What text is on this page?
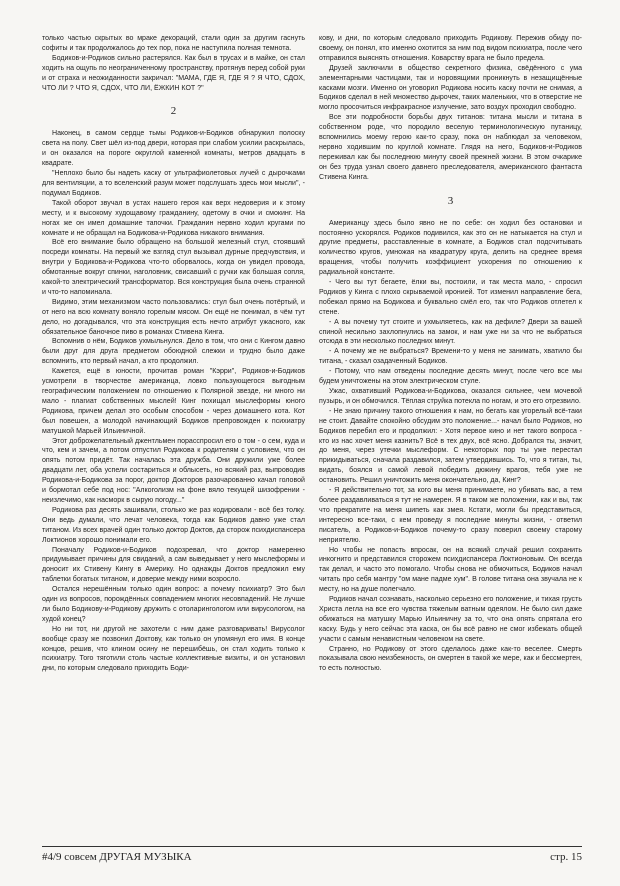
только частью скрытых во мраке декораций, стали один за другим гаснуть софиты и так продолжалось до тех пор, пока не наступила полная темнота.

Бодиков-и-Родиков сильно растерялся. Как был в трусах и в майке, он стал ходить на ощупь по неограниченному пространству, протянув перед собой руки и от страха и неожиданности закричал: "МАМА, ГДЕ Я, ГДЕ Я ? Я ЧТО, СДОХ, ЧТО ЛИ ? ЧТО Я, СДОХ, ЧТО ЛИ, ЁЖКИН КОТ ?"

2

Наконец, в самом сердце тьмы Родиков-и-Бодиков обнаружил полоску света на полу. Свет шёл из-под двери, которая при слабом усилии раскрылась, и он оказался на пороге округлой каменной комнаты, метров двадцать в квадрате.

"Неплохо было бы надеть каску от ультрафиолетовых лучей с дырочками для вентиляции, а то вселенский разум может подслушать здесь мои мысли", - подумал Бодиков.

Такой оборот звучал в устах нашего героя как верх недоверия и к этому месту, и к высокому худощавому гражданину, одетому в очки и смокинг. На ногах же он имел домашние тапочки. Гражданин нервно ходил кругами по комнате и не обращал на Бодикова-и-Родикова никакого внимания.

Всё его внимание было обращено на большой железный стул, стоявший посреди комнаты. На первый же взгляд стул вызывал дурные предчувствия, и внутри у Бодикова-и-Родикова что-то оборвалось, когда он увидел провода, обмотанные вокруг спинки, наголовник, свисавший с ручки как большая сопля, какой-то электрический трансформатор. Вся конструкция была очень странной и что-то напоминала.

Видимо, этим механизмом часто пользовались: стул был очень потёртый, и от него на всю комнату воняло горелым мясом. Он ещё не понимал, в чём тут дело, но догадывался, что эта конструкция есть нечто атрибут ужасного, как обязательное баночное пиво в романах Стивена Кинга.

Вспомнив о нём, Бодиков ухмыльнулся. Дело в том, что они с Кингом давно были друг для друга предметом обоюдной слежки и трудно было даже вспомнить, кто первый начал, а кто продолжил.

Кажется, ещё в юности, прочитав роман "Кэрри", Родиков-и-Бодиков усмотрели в творчестве американца, ловко пользующегося выгодным географическим положением по отношению к Полярной звезде, ни много ни мало - плагиат собственных мыслей! Кинг похищал мыслеформы юного Родикова, причем делал это особым способом - через домашнего кота. Кот был повешен, а молодой начинающий Бодиков препровожден к психиатру матушкой Марьей Ильиничной.

Этот доброжелательный джентльмен порасспросил его о том - о сем, куда и что, кем и зачем, а потом отпустил Родикова к родителям с условием, что он опять потом придёт. Так началась эта дружба. Они дружили уже более двадцати лет, оба успели состариться и облысеть, но всякий раз, выпроводив Родикова-и-Бодикова за порог, доктор Докторов разочарованно качал головой и бормотал себе под нос: "Алкоголизм на фоне вяло текущей шизофрении - неизлечимо, как насморк в сырую погоду..."

Родикова раз десять зашивали, столько же раз кодировали - всё без толку. Они ведь думали, что лечат человека, тогда как Бодиков давно уже стал титаном. Из всех врачей один только доктор Доктов, да сторож психдиспансера Локтионов хорошо понимали его.

Поначалу Родиков-и-Бодиков подозревал, что доктор намеренно придумывает причины для свиданий, а сам выведывает у него мыслеформы и доносит их Стивену Кингу в Америку. Но однажды Доктов предложил ему таблетки богатых титаном, и доверие между ними возросло.

Остался нерешённым только один вопрос: а почему психиатр? Это был один из вопросов, порождённых совпадением многих несовпадений. Не лучше ли было Бодикову-и-Родикову дружить с отоларингологом или вирусологом, на худой конец?

Но ни тот, ни другой не захотели с ним даже разговаривать! Вирусолог вообще сразу же позвонил Доктову, как только он упомянул его имя. В конце концов, решив, что клином осину не перешибёшь, он стал ходить только к психиатру. Того тяготили столь частые коллективные визиты, и он установил дни, по которым следовало приходить Боди-

кову, и дни, по которым следовало приходить Родикову. Пережив обиду по-своему, он понял, кто именно охотится за ним под видом психиатра, после чего отправился выяснять отношения. Коварству врага не было предела.

Друзей заключили в общество секретного физика, свёдённого с ума элементарными частицами, так и норовящими проникнуть в незащищённые касками мозги. Именно он уговорил Родикова носить каску почти не снимая, а Бодиков сделал в ней множество дырочек, таких маленьких, что в отверстие не могло просочиться инфракрасное излучение, зато воздух проходил свободно.

Все эти подробности борьбы двух титанов: титана мысли и титана в собственном роде, что породило веселую терминологическую путаницу, вспомнились моему герою как-то сразу, пока он наблюдал за человеком, нервно ходившим по круглой комнате. Глядя на него, Бодиков-и-Родиков переживал как бы последнюю минуту своей прежней жизни. В этом очкарике он без труда узнал своего давнего преследователя, американского фантаста Стивена Кинга.

3

Американцу здесь было явно не по себе: он ходил без остановки и постоянно ускорялся. Родиков подивился, как это он не натыкается на стул и другие предметы, расставленные в комнате, а Бодиков стал подсчитывать количество кругов, умножая на квадратуру круга, делить на среднее время вращения, чтобы получить коэффициент ускорения по отношению к радиальной константе.

- Чего вы тут бегаете, ёлки вы, постоили, и так места мало, - спросил Родиков у Кинга с плохо скрываемой иронией. Тот изменил направление бега, побежал прямо на Бодикова и буквально смёл его, так что Родиков отлетел к стене.

- А вы почему тут стоите и ухмыляетесь, как на дефиле? Двери за вашей спиной несильно захлопнулись на замок, и нам уже ни за что не выбраться отсюда в эти несколько последних минут.

- А почему же не выбраться? Времени-то у меня не занимать, хватило бы титана, - сказал озадаченный Бодиков.

- Потому, что нам отведены последние десять минут, после чего все мы будем уничтожены на этом электрическом стуле.

Ужас, охвативший Родикова-и-Бодикова, оказался сильнее, чем мочевой пузырь, и он обмочился. Тёплая струйка потекла по ногам, и это его отрезвило.

- Не знаю причину такого отношения к нам, но бегать как угорелый всё-таки не стоит. Давайте спокойно обсудим это положение...- начал было Родиков, но Бодиков перебил его и продолжил: - Хотя первое кино и нет такого вопроса - кто из нас хочет меня казнить? Всё в тех двух, всё ясно. Добрался ты, значит, до меня, через утечки мыслеформ. С некоторых пор ты уже перестал прикидываться, сначала раздавился, затем утвердившись. То, что я титан, ты, видать, боялся и самой левой победить дюжину врагов, тебя уже не остановить. Решил уничтожить меня окончательно, да, Кинг?

- Я действительно тот, за кого вы меня принимаете, но убивать вас, а тем более раздавливаться я тут не намерен. Я в таком же положении, как и вы, так что прекратите на меня шипеть как змея. Кстати, могли бы представиться, интересно все-таки, с кем проведу я последние минуты жизни, - ответил писатель, а Родиков-и-Бодиков почему-то сразу поверил своему старому неприятелю.

Но чтобы не попасть впросак, он на всякий случай решил сохранить инкогнито и представился сторожем психдиспансера Локтионовым. Он всегда так делал, и часто это помогало. Чтобы снова не обмочиться, Бодиков начал читать про себя мантру "ом мане падме хум". В голове титана она звучала не к месту, но на душе полегчало.

Родиков начал сознавать, насколько серьезно его положение, и тихая грусть Христа легла на все его чувства тяжелым ватным одеялом. Не было сил даже обижаться на матушку Марью Ильиничну за то, что она опять спрятала его каску. Будь у него сейчас эта каска, он бы всё равно не смог избежать общей участи с самым ненавистным человеком на свете.

Странно, но Родикову от этого сделалось даже как-то веселее. Смерть показывала свою неизбежность, он смертен в такой же мере, как и бессмертен, то есть полностью.

#4/9 совсем ДРУГАЯ МУЗЫКА	стр. 15
